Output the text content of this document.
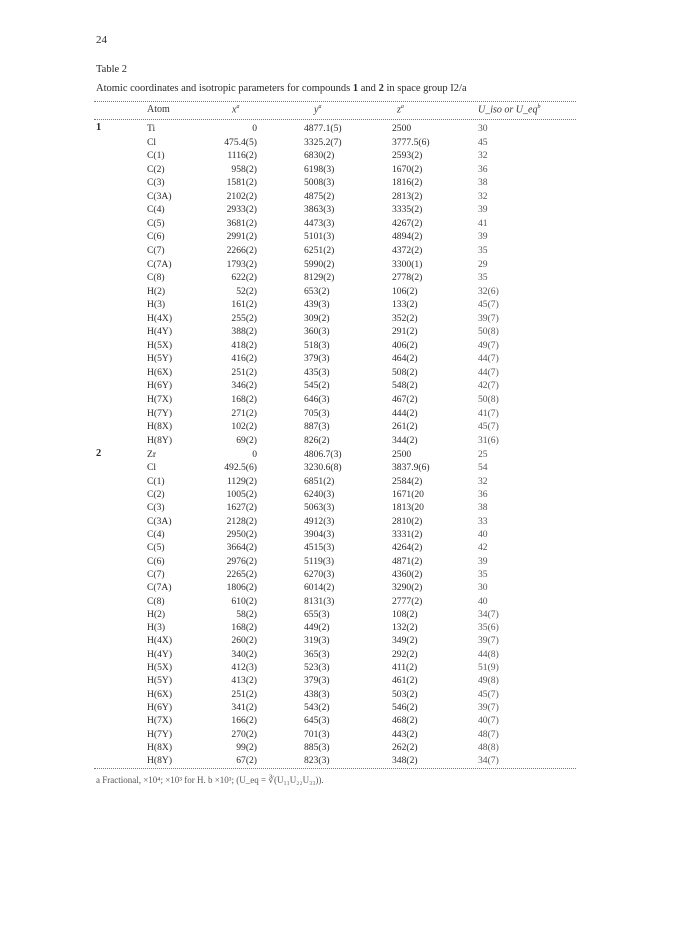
24
Table 2
Atomic coordinates and isotropic parameters for compounds 1 and 2 in space group I2/a
Atom	$x^a$	$y^a$	$z^a$	U_iso or $U\_eq^b$
1	Ti	0	4877.1(5)	2500	30
Cl	475.4(5)	3325.2(7)	3777.5(6)	45
C(1)	1116(2)	6830(2)	2593(2)	32
C(2)	958(2)	6198(3)	1670(2)	36
C(3)	1581(2)	5008(3)	1816(2)	38
C(3A)	2102(2)	4875(2)	2813(2)	32
C(4)	2933(2)	3863(3)	3335(2)	39
C(5)	3681(2)	4473(3)	4267(2)	41
C(6)	2991(2)	5101(3)	4894(2)	39
C(7)	2266(2)	6251(2)	4372(2)	35
C(7A)	1793(2)	5990(2)	3300(1)	29
C(8)	622(2)	8129(2)	2778(2)	35
H(2)	52(2)	653(2)	106(2)	32(6)
H(3)	161(2)	439(3)	133(2)	45(7)
H(4X)	255(2)	309(2)	352(2)	39(7)
H(4Y)	388(2)	360(3)	291(2)	50(8)
H(5X)	418(2)	518(3)	406(2)	49(7)
H(5Y)	416(2)	379(3)	464(2)	44(7)
H(6X)	251(2)	435(3)	508(2)	44(7)
H(6Y)	346(2)	545(2)	548(2)	42(7)
H(7X)	168(2)	646(3)	467(2)	50(8)
H(7Y)	271(2)	705(3)	444(2)	41(7)
H(8X)	102(2)	887(3)	261(2)	45(7)
H(8Y)	69(2)	826(2)	344(2)	31(6)
2	Zr	0	4806.7(3)	2500	25
Cl	492.5(6)	3230.6(8)	3837.9(6)	54
C(1)	1129(2)	6851(2)	2584(2)	32
C(2)	1005(2)	6240(3)	1671(20	36
C(3)	1627(2)	5063(3)	1813(20	38
C(3A)	2128(2)	4912(3)	2810(2)	33
C(4)	2950(2)	3904(3)	3331(2)	40
C(5)	3664(2)	4515(3)	4264(2)	42
C(6)	2976(2)	5119(3)	4871(2)	39
C(7)	2265(2)	6270(3)	4360(2)	35
C(7A)	1806(2)	6014(2)	3290(2)	30
C(8)	610(2)	8131(3)	2777(2)	40
H(2)	58(2)	655(3)	108(2)	34(7)
H(3)	168(2)	449(2)	132(2)	35(6)
H(4X)	260(2)	319(3)	349(2)	39(7)
H(4Y)	340(2)	365(3)	292(2)	44(8)
H(5X)	412(3)	523(3)	411(2)	51(9)
H(5Y)	413(2)	379(3)	461(2)	49(8)
H(6X)	251(2)	438(3)	503(2)	45(7)
H(6Y)	341(2)	543(2)	546(2)	39(7)
H(7X)	166(2)	645(3)	468(2)	40(7)
H(7Y)	270(2)	701(3)	443(2)	48(7)
H(8X)	99(2)	885(3)	262(2)	48(8)
H(8Y)	67(2)	823(3)	348(2)	34(7)
a Fractional, ×10⁴; ×10³ for H. b ×10³; (U_eq = ∛(U₁₁U₂₂U₃₃)).
